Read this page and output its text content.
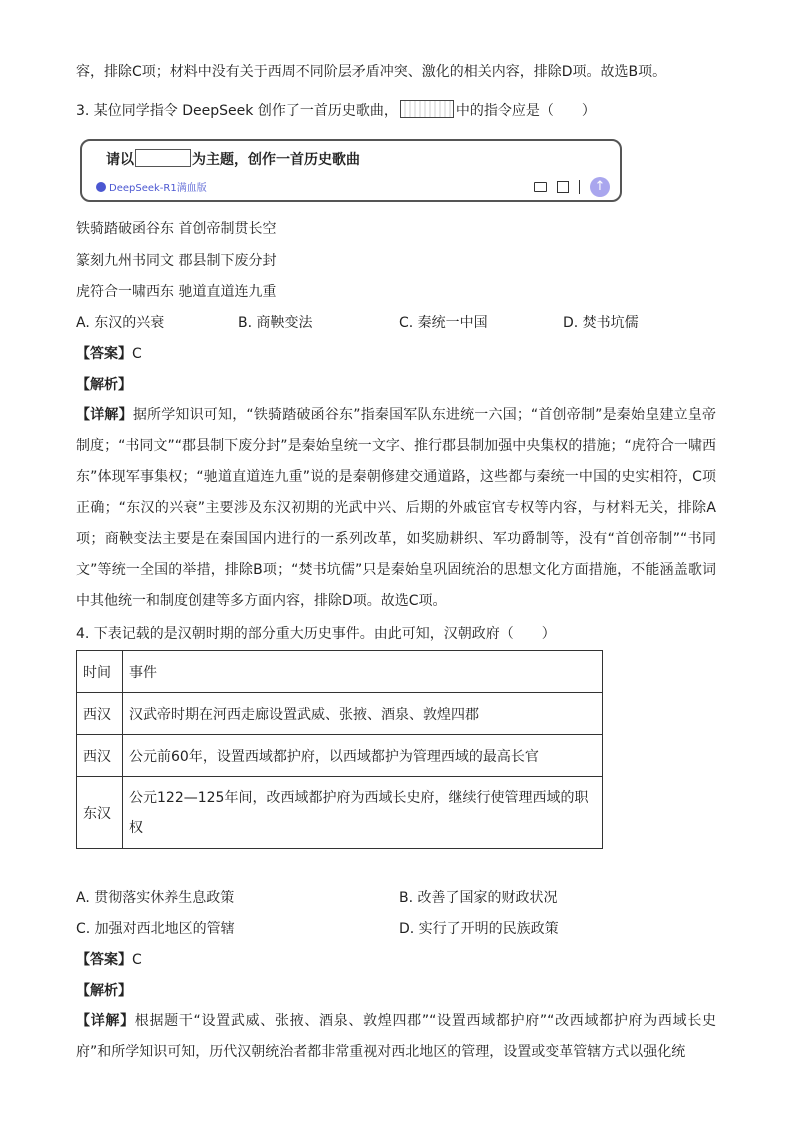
容，排除C项；材料中没有关于西周不同阶层矛盾冲突、激化的相关内容，排除D项。故选B项。
3. 某位同学指令 DeepSeek 创作了一首历史歌曲，	中的指令应是（　　）
请以	为主题，创作一首历史歌曲
DeepSeek-R1满血版	↑
铁骑踏破函谷东 首创帝制贯长空
篆刻九州书同文 郡县制下废分封
虎符合一啸西东 驰道直道连九重
A. 东汉的兴衰	B. 商鞅变法	C. 秦统一中国	D. 焚书坑儒
【答案】C
【解析】
【详解】据所学知识可知，“铁骑踏破函谷东”指秦国军队东进统一六国；“首创帝制”是秦始皇建立皇帝制度；“书同文”“郡县制下废分封”是秦始皇统一文字、推行郡县制加强中央集权的措施；“虎符合一啸西东”体现军事集权；“驰道直道连九重”说的是秦朝修建交通道路，这些都与秦统一中国的史实相符，C项正确；“东汉的兴衰”主要涉及东汉初期的光武中兴、后期的外戚宦官专权等内容，与材料无关，排除A项；商鞅变法主要是在秦国国内进行的一系列改革，如奖励耕织、军功爵制等，没有“首创帝制”“书同文”等统一全国的举措，排除B项；“焚书坑儒”只是秦始皇巩固统治的思想文化方面措施，不能涵盖歌词中其他统一和制度创建等多方面内容，排除D项。故选C项。
4. 下表记载的是汉朝时期的部分重大历史事件。由此可知，汉朝政府（　　）
时间	事件
西汉	汉武帝时期在河西走廊设置武威、张掖、酒泉、敦煌四郡
西汉	公元前60年，设置西域都护府，以西域都护为管理西域的最高长官
东汉	公元122—125年间，改西域都护府为西域长史府，继续行使管理西域的职权
A. 贯彻落实休养生息政策	B. 改善了国家的财政状况
C. 加强对西北地区的管辖	D. 实行了开明的民族政策
【答案】C
【解析】
【详解】根据题干“设置武威、张掖、酒泉、敦煌四郡”“设置西域都护府”“改西域都护府为西域长史府”和所学知识可知，历代汉朝统治者都非常重视对西北地区的管理，设置或变革管辖方式以强化统
